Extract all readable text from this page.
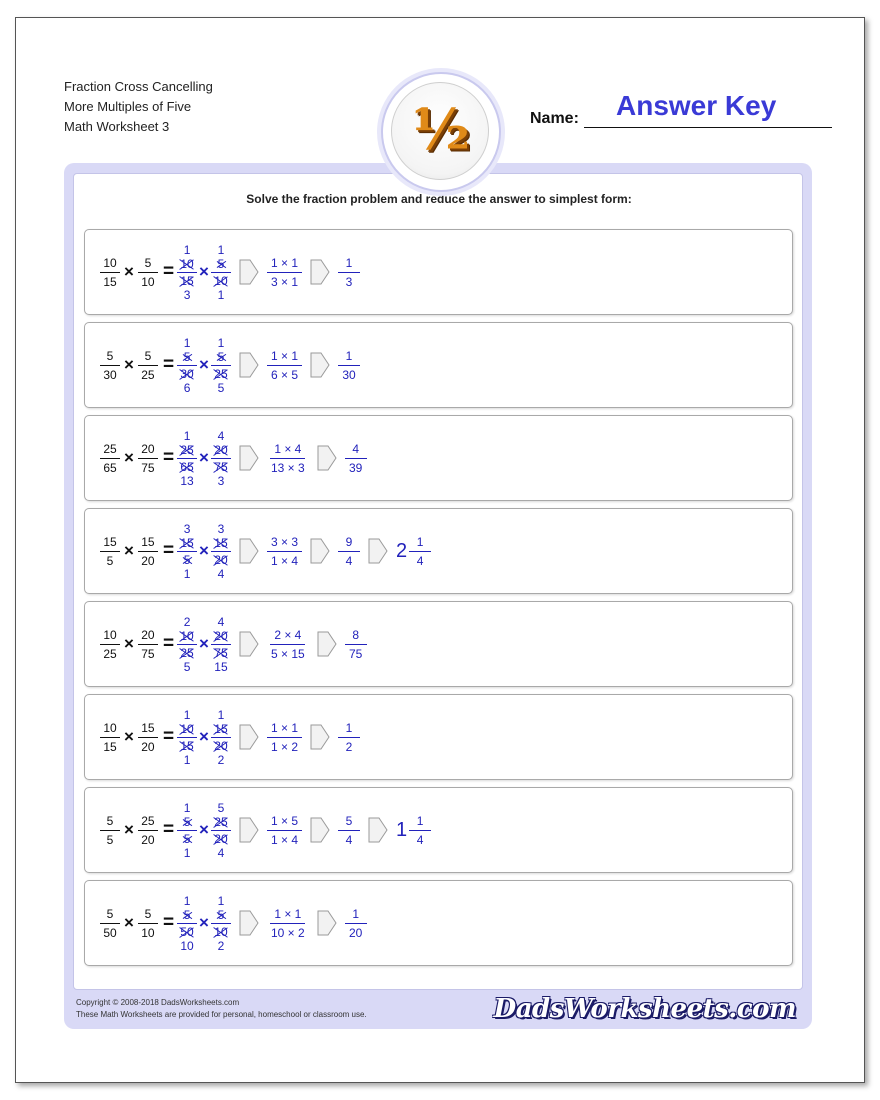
Fraction Cross Cancelling
More Multiples of Five
Math Worksheet 3	½	Name: Answer Key
Solve the fraction problem and reduce the answer to simplest form:
$\frac{10}{15} \times \frac{5}{10}$ =
1
$\frac{10}{15}$
3
×
1
$\frac{5}{10}$
1
$\frac{1 \times 1}{3 \times 1}$	$\frac{1}{3}$
$\frac{5}{30} \times \frac{5}{25}$ =
1
$\frac{5}{30}$
6
×
1
$\frac{5}{25}$
5
$\frac{1 \times 1}{6 \times 5}$	$\frac{1}{30}$
$\frac{25}{65} \times \frac{20}{75}$ =
1
$\frac{25}{65}$
13
×
4
$\frac{20}{75}$
3
$\frac{1 \times 4}{13 \times 3}$	$\frac{4}{39}$
$\frac{15}{5} \times \frac{15}{20}$ =
3
$\frac{15}{5}$
1
×
3
$\frac{15}{20}$
4
$\frac{3 \times 3}{1 \times 4}$	$\frac{9}{4} 2 \frac{1}{4}$
$\frac{10}{25} \times \frac{20}{75}$ =
2
$\frac{10}{25}$
5
×
4
$\frac{20}{75}$
15
$\frac{2 \times 4}{5 \times 15}$	$\frac{8}{75}$
$\frac{10}{15} \times \frac{15}{20}$ =
1
$\frac{10}{15}$
1
×
1
$\frac{15}{20}$
2
$\frac{1 \times 1}{1 \times 2}$	$\frac{1}{2}$
$\frac{5}{5} \times \frac{25}{20}$ =
1
$\frac{5}{5}$
1
×
5
$\frac{25}{20}$
4
$\frac{1 \times 5}{1 \times 4}$	$\frac{5}{4} 1 \frac{1}{4}$
$\frac{5}{50} \times \frac{5}{10}$ =
1
$\frac{5}{50}$
10
×
1
$\frac{5}{10}$
2
$\frac{1 \times 1}{10 \times 2}$	$\frac{1}{20}$
Copyright © 2008-2018 DadsWorksheets.com
These Math Worksheets are provided for personal, homeschool or classroom use.	DadsWorksheets.com
